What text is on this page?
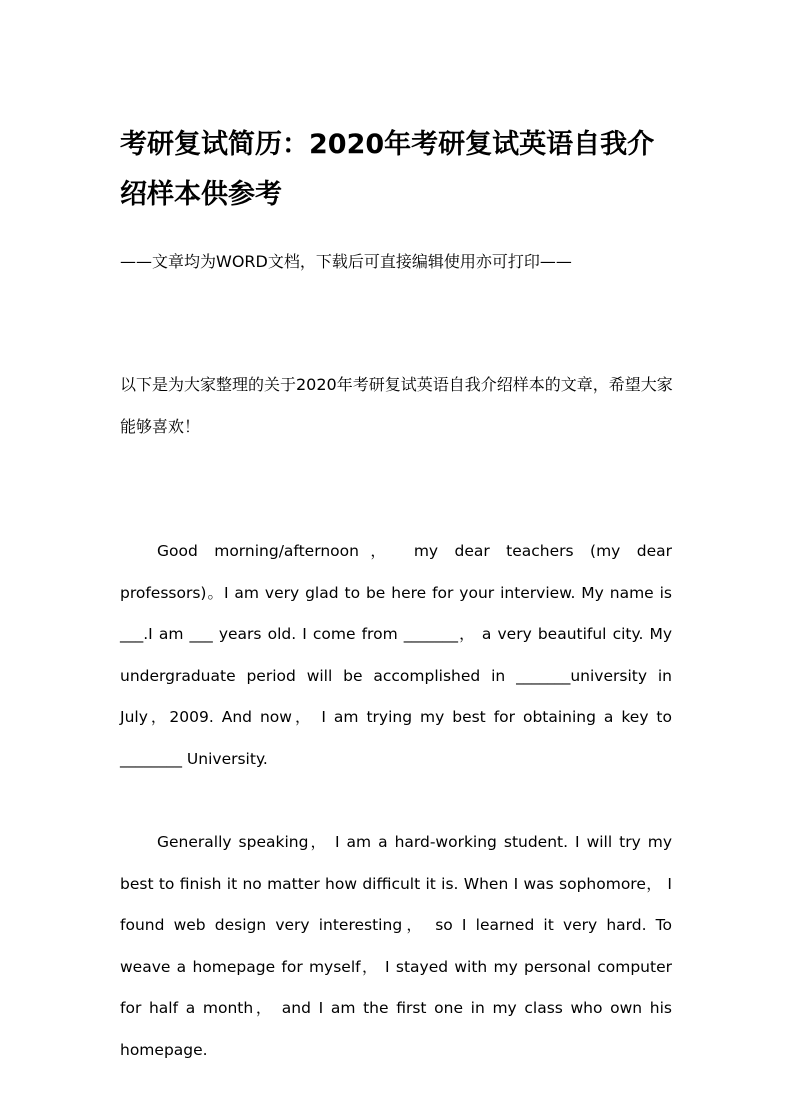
考研复试简历：2020年考研复试英语自我介绍样本供参考
——文章均为WORD文档，下载后可直接编辑使用亦可打印——

以下是为大家整理的关于2020年考研复试英语自我介绍样本的文章，希望大家能够喜欢！

Good morning/afternoon， my dear teachers (my dear professors)。I am very glad to be here for your interview. My name is ___.I am ___ years old. I come from _______， a very beautiful city. My undergraduate period will be accomplished in _______university in July，2009. And now， I am trying my best for obtaining a key to ________ University.

Generally speaking， I am a hard-working student. I will try my best to finish it no matter how difficult it is. When I was sophomore， I found web design very interesting， so I learned it very hard. To weave a homepage for myself， I stayed with my personal computer for half a month， and I am the first one in my class who own his homepage.
